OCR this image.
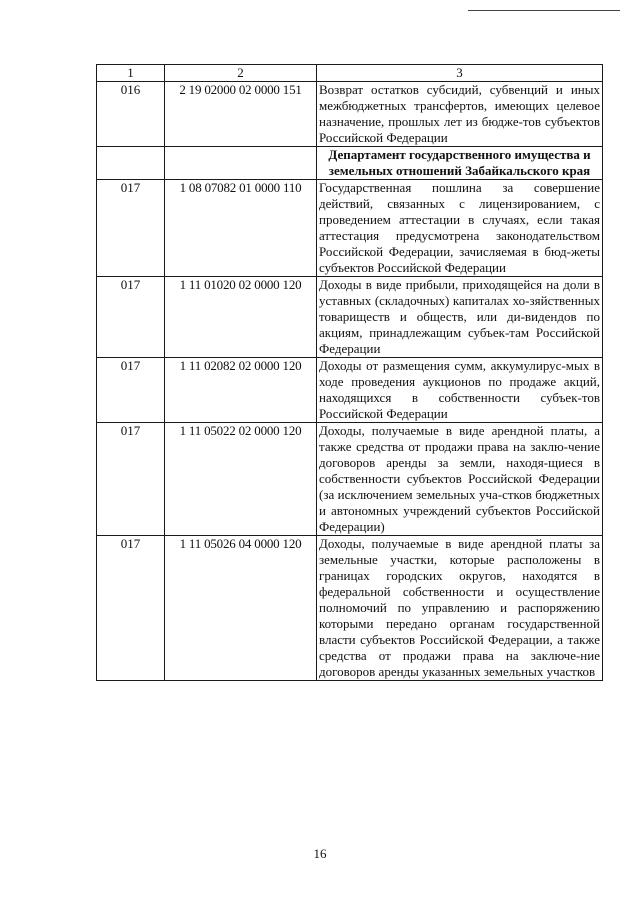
1	2	3
016	2 19 02000 02 0000 151	Возврат остатков субсидий, субвенций и иных межбюджетных трансфертов, имеющих целевое назначение, прошлых лет из бюдже-тов субъектов Российской Федерации
		Департамент государственного имущества и земельных отношений Забайкальского края
017	1 08 07082 01 0000 110	Государственная пошлина за совершение действий, связанных с лицензированием, с проведением аттестации в случаях, если такая аттестация предусмотрена законодательством Российской Федерации, зачисляемая в бюд-жеты субъектов Российской Федерации
017	1 11 01020 02 0000 120	Доходы в виде прибыли, приходящейся на доли в уставных (складочных) капиталах хо-зяйственных товариществ и обществ, или ди-видендов по акциям, принадлежащим субъек-там Российской Федерации
017	1 11 02082 02 0000 120	Доходы от размещения сумм, аккумулирус-мых в ходе проведения аукционов по продаже акций, находящихся в собственности субъек-тов Российской Федерации
017	1 11 05022 02 0000 120	Доходы, получаемые в виде арендной платы, а также средства от продажи права на заклю-чение договоров аренды за земли, находя-щиеся в собственности субъектов Российской Федерации (за исключением земельных уча-стков бюджетных и автономных учреждений субъектов Российской Федерации)
017	1 11 05026 04 0000 120	Доходы, получаемые в виде арендной платы за земельные участки, которые расположены в границах городских округов, находятся в федеральной собственности и осуществление полномочий по управлению и распоряжению которыми передано органам государственной власти субъектов Российской Федерации, а также средства от продажи права на заключе-ние договоров аренды указанных земельных участков
16
